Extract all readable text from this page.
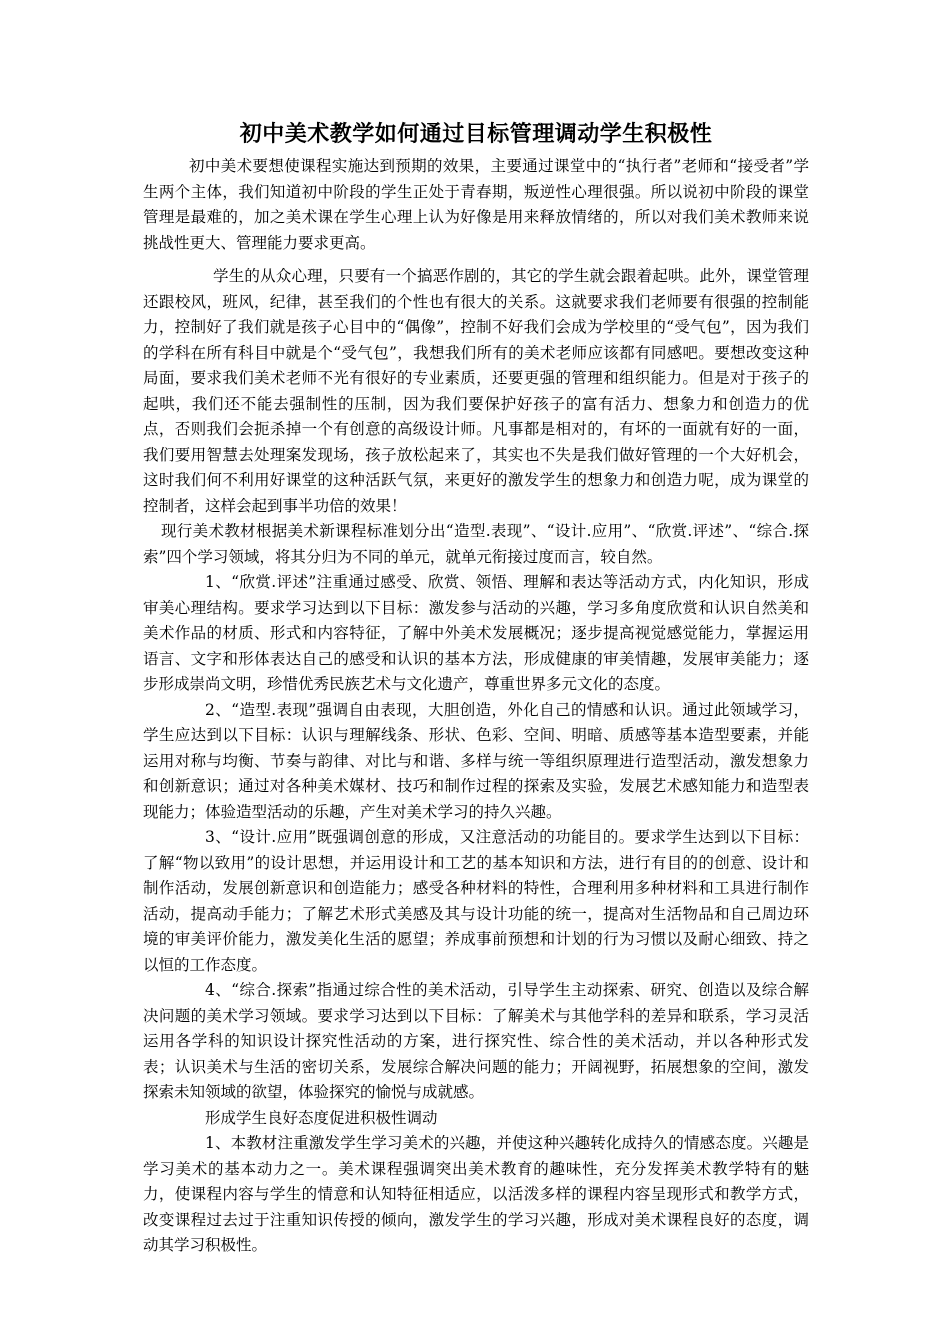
初中美术教学如何通过目标管理调动学生积极性

初中美术要想使课程实施达到预期的效果，主要通过课堂中的“执行者”老师和“接受者”学生两个主体，我们知道初中阶段的学生正处于青春期，叛逆性心理很强。所以说初中阶段的课堂管理是最难的，加之美术课在学生心理上认为好像是用来释放情绪的，所以对我们美术教师来说挑战性更大、管理能力要求更高。

学生的从众心理，只要有一个搞恶作剧的，其它的学生就会跟着起哄。此外，课堂管理还跟校风，班风，纪律，甚至我们的个性也有很大的关系。这就要求我们老师要有很强的控制能力，控制好了我们就是孩子心目中的“偶像”，控制不好我们会成为学校里的“受气包”，因为我们的学科在所有科目中就是个“受气包”，我想我们所有的美术老师应该都有同感吧。要想改变这种局面，要求我们美术老师不光有很好的专业素质，还要更强的管理和组织能力。但是对于孩子的起哄，我们还不能去强制性的压制，因为我们要保护好孩子的富有活力、想象力和创造力的优点，否则我们会扼杀掉一个有创意的高级设计师。凡事都是相对的，有坏的一面就有好的一面，我们要用智慧去处理案发现场，孩子放松起来了，其实也不失是我们做好管理的一个大好机会，这时我们何不利用好课堂的这种活跃气氛，来更好的激发学生的想象力和创造力呢，成为课堂的控制者，这样会起到事半功倍的效果！

现行美术教材根据美术新课程标准划分出“造型.表现”、“设计.应用”、“欣赏.评述”、“综合.探索”四个学习领域，将其分归为不同的单元，就单元衔接过度而言，较自然。

1、“欣赏.评述”注重通过感受、欣赏、领悟、理解和表达等活动方式，内化知识，形成审美心理结构。要求学习达到以下目标：激发参与活动的兴趣，学习多角度欣赏和认识自然美和美术作品的材质、形式和内容特征，了解中外美术发展概况；逐步提高视觉感觉能力，掌握运用语言、文字和形体表达自己的感受和认识的基本方法，形成健康的审美情趣，发展审美能力；逐步形成崇尚文明，珍惜优秀民族艺术与文化遗产，尊重世界多元文化的态度。

2、“造型.表现”强调自由表现，大胆创造，外化自己的情感和认识。通过此领域学习，学生应达到以下目标：认识与理解线条、形状、色彩、空间、明暗、质感等基本造型要素，并能运用对称与均衡、节奏与韵律、对比与和谐、多样与统一等组织原理进行造型活动，激发想象力和创新意识；通过对各种美术媒材、技巧和制作过程的探索及实验，发展艺术感知能力和造型表现能力；体验造型活动的乐趣，产生对美术学习的持久兴趣。

3、“设计.应用”既强调创意的形成，又注意活动的功能目的。要求学生达到以下目标：了解“物以致用”的设计思想，并运用设计和工艺的基本知识和方法，进行有目的的创意、设计和制作活动，发展创新意识和创造能力；感受各种材料的特性，合理利用多种材料和工具进行制作活动，提高动手能力；了解艺术形式美感及其与设计功能的统一，提高对生活物品和自己周边环境的审美评价能力，激发美化生活的愿望；养成事前预想和计划的行为习惯以及耐心细致、持之以恒的工作态度。

4、“综合.探索”指通过综合性的美术活动，引导学生主动探索、研究、创造以及综合解决问题的美术学习领域。要求学习达到以下目标：了解美术与其他学科的差异和联系，学习灵活运用各学科的知识设计探究性活动的方案，进行探究性、综合性的美术活动，并以各种形式发表；认识美术与生活的密切关系，发展综合解决问题的能力；开阔视野，拓展想象的空间，激发探索未知领域的欲望，体验探究的愉悦与成就感。

形成学生良好态度促进积极性调动

1、本教材注重激发学生学习美术的兴趣，并使这种兴趣转化成持久的情感态度。兴趣是学习美术的基本动力之一。美术课程强调突出美术教育的趣味性，充分发挥美术教学特有的魅力，使课程内容与学生的情意和认知特征相适应，以活泼多样的课程内容呈现形式和教学方式，改变课程过去过于注重知识传授的倾向，激发学生的学习兴趣，形成对美术课程良好的态度，调动其学习积极性。
